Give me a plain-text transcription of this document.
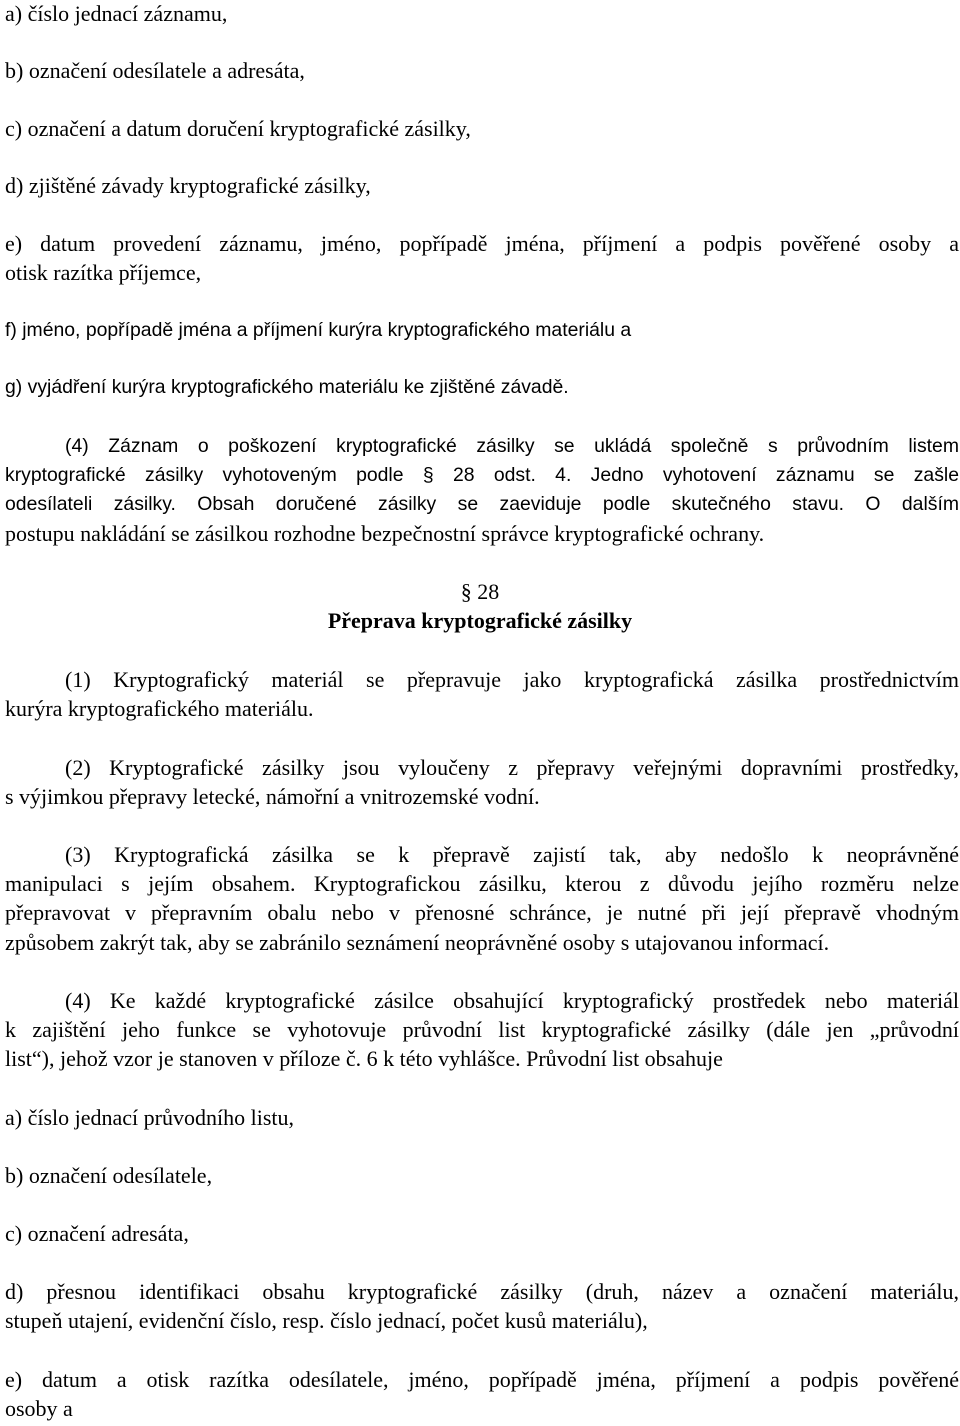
a) číslo jednací záznamu,
b) označení odesílatele a adresáta,
c) označení a datum doručení kryptografické zásilky,
d) zjištěné závady kryptografické zásilky,
e) datum provedení záznamu, jméno, popřípadě jména, příjmení a podpis pověřené osoby a
otisk razítka příjemce,
f) jméno, popřípadě jména a příjmení kurýra kryptografického materiálu a
g) vyjádření kurýra kryptografického materiálu ke zjištěné závadě.
(4) Záznam o poškození kryptografické zásilky se ukládá společně s průvodním listem
kryptografické zásilky vyhotoveným podle § 28 odst. 4. Jedno vyhotovení záznamu se zašle
odesílateli zásilky. Obsah doručené zásilky se zaeviduje podle skutečného stavu. O dalším
postupu nakládání se zásilkou rozhodne bezpečnostní správce kryptografické ochrany.
§ 28
Přeprava kryptografické zásilky
(1) Kryptografický materiál se přepravuje jako kryptografická zásilka prostřednictvím
kurýra kryptografického materiálu.
(2) Kryptografické zásilky jsou vyloučeny z přepravy veřejnými dopravními prostředky,
s výjimkou přepravy letecké, námořní a vnitrozemské vodní.
(3) Kryptografická zásilka se k přepravě zajistí tak, aby nedošlo k neoprávněné
manipulaci s jejím obsahem. Kryptografickou zásilku, kterou z důvodu jejího rozměru nelze
přepravovat v přepravním obalu nebo v přenosné schránce, je nutné při její přepravě vhodným
způsobem zakrýt tak, aby se zabránilo seznámení neoprávněné osoby s utajovanou informací.
(4) Ke každé kryptografické zásilce obsahující kryptografický prostředek nebo materiál
k zajištění jeho funkce se vyhotovuje průvodní list kryptografické zásilky (dále jen „průvodní
list“), jehož vzor je stanoven v příloze č. 6 k této vyhlášce. Průvodní list obsahuje
a) číslo jednací průvodního listu,
b) označení odesílatele,
c) označení adresáta,
d) přesnou identifikaci obsahu kryptografické zásilky (druh, název a označení materiálu,
stupeň utajení, evidenční číslo, resp. číslo jednací, počet kusů materiálu),
e) datum a otisk razítka odesílatele, jméno, popřípadě jména, příjmení a podpis pověřené
osoby a
